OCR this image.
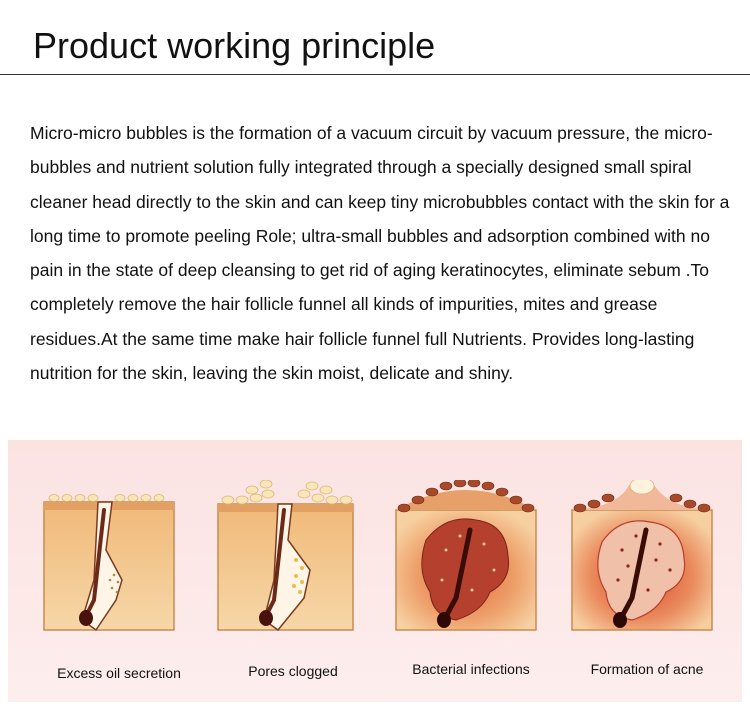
Product working principle

Micro-micro bubbles is the formation of a vacuum circuit by vacuum pressure, the micro-bubbles and nutrient solution fully integrated through a specially designed small spiral cleaner head directly to the skin and can keep tiny microbubbles contact with the skin for a long time to promote peeling Role; ultra-small bubbles and adsorption combined with no pain in the state of deep cleansing to get rid of aging keratinocytes, eliminate sebum .To completely remove the hair follicle funnel all kinds of impurities, mites and grease residues.At the same time make hair follicle funnel full Nutrients. Provides long-lasting nutrition for the skin, leaving the skin moist, delicate and shiny.

Excess oil secretion	Pores clogged	Bacterial infections	Formation of acne
